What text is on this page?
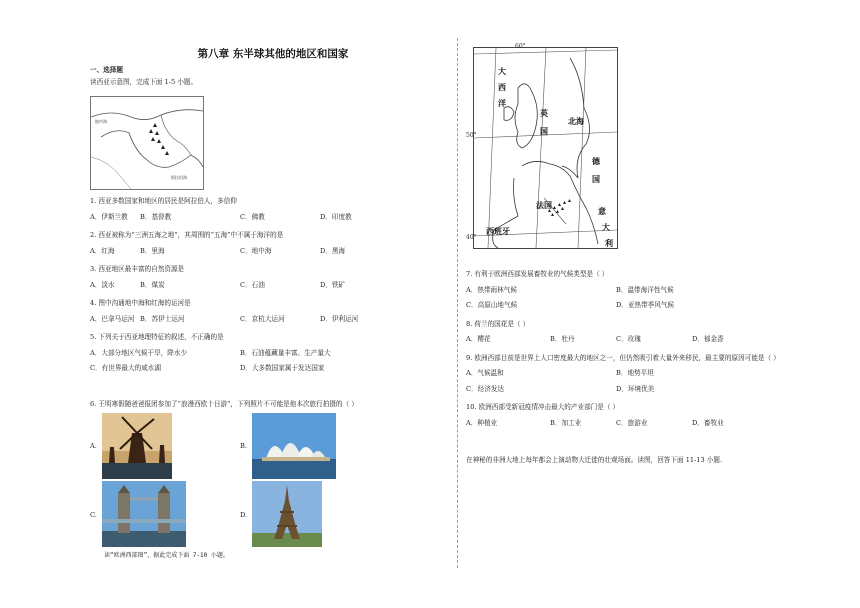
第八章 东半球其他的地区和国家
一、选择题
读西亚示意图，完成下面 1-5 小题。
地中海
阿拉伯海
1. 西亚多数国家和地区的居民是阿拉伯人，多信仰
A．伊斯兰教 B．基督教	C．佛教	D．印度教
2. 西亚被称为“三洲五海之地”，其周围的“五海”中不属于海洋的是
A．红海	B．里海	C．地中海	D．黑海
3. 西亚地区最丰富的自然资源是
A．淡水	B．煤炭	C．石油	D．铁矿
4. 图中沟通地中海和红海的运河是
A．巴拿马运河 B．苏伊士运河	C．京杭大运河	D．伊利运河
5. 下列关于西亚地理特征的叙述，不正确的是
A．大部分地区气候干旱，降水少	B．石油蕴藏量丰富、生产量大
C．有世界最大的咸水湖	D．大多数国家属于发达国家
6. 王明寒假随爸爸报团参加了“浪漫西欧十日游”，下列照片不可能是他本次旅行拍摄的（ ）
A.	B.
C.	D.
读“欧洲西部图”，据此完成下面 7-10 小题。
大
西
洋
英
国
北海
德
国
法国
意
大
利
西班牙
60°
50°
40°
7. 有利于欧洲西部发展畜牧业的气候类型是（ ）
A．热带雨林气候	B．温带海洋性气候
C．高原山地气候	D．亚热带季风气候
8. 荷兰的国花是（ ）
A．樱花	B．牡丹	C．玫瑰	D．郁金香
9. 欧洲西部目前是世界上人口密度最大的地区之一，但仍然吸引着大量外来移民，最主要的原因可能是（ ）
A．气候温和	B．地势平坦
C．经济发达	D．环境优美
10. 欧洲西部受新冠疫情冲击最大的产业部门是（ ）
A．种植业	B．加工业	C．旅游业	D．畜牧业
在神秘的非洲大地上每年都会上演动物大迁徙的壮观场面。读图，回答下面 11-13 小题.
